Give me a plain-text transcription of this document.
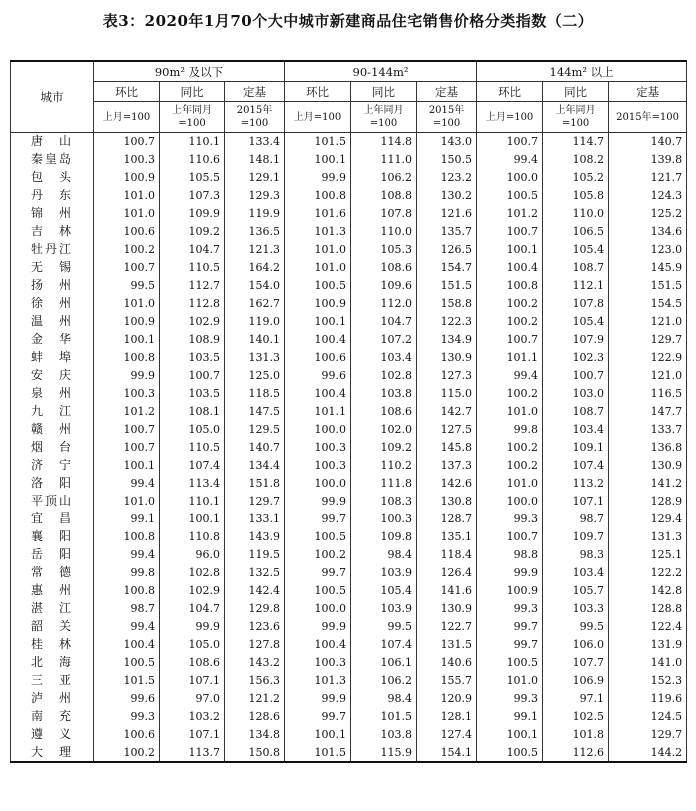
表3：2020年1月70个大中城市新建商品住宅销售价格分类指数（二）
城市	90m² 及以下			90-144m²			144m² 以上		
	环比	同比	定基	环比	同比	定基	环比	同比	定基
	上月=100	上年同月=100	2015年=100	上月=100	上年同月=100	2015年=100	上月=100	上年同月=100	2015年=100
唐　山	100.7	110.1	133.4	101.5	114.8	143.0	100.7	114.7	140.7
秦皇岛	100.3	110.6	148.1	100.1	111.0	150.5	99.4	108.2	139.8
包　头	100.9	105.5	129.1	99.9	106.2	123.2	100.0	105.2	121.7
丹　东	101.0	107.3	129.3	100.8	108.8	130.2	100.5	105.8	124.3
锦　州	101.0	109.9	119.9	101.6	107.8	121.6	101.2	110.0	125.2
吉　林	100.6	109.2	136.5	101.3	110.0	135.7	100.7	106.5	134.6
牡丹江	100.2	104.7	121.3	101.0	105.3	126.5	100.1	105.4	123.0
无　锡	100.7	110.5	164.2	101.0	108.6	154.7	100.4	108.7	145.9
扬　州	99.5	112.7	154.0	100.5	109.6	151.5	100.8	112.1	151.5
徐　州	101.0	112.8	162.7	100.9	112.0	158.8	100.2	107.8	154.5
温　州	100.9	102.9	119.0	100.1	104.7	122.3	100.2	105.4	121.0
金　华	100.1	108.9	140.1	100.4	107.2	134.9	100.7	107.9	129.7
蚌　埠	100.8	103.5	131.3	100.6	103.4	130.9	101.1	102.3	122.9
安　庆	99.9	100.7	125.0	99.6	102.8	127.3	99.4	100.7	121.0
泉　州	100.3	103.5	118.5	100.4	103.8	115.0	100.2	103.0	116.5
九　江	101.2	108.1	147.5	101.1	108.6	142.7	101.0	108.7	147.7
赣　州	100.7	105.0	129.5	100.0	102.0	127.5	99.8	103.4	133.7
烟　台	100.7	110.5	140.7	100.3	109.2	145.8	100.2	109.1	136.8
济　宁	100.1	107.4	134.4	100.3	110.2	137.3	100.2	107.4	130.9
洛　阳	99.4	113.4	151.8	100.0	111.8	142.6	101.0	113.2	141.2
平顶山	101.0	110.1	129.7	99.9	108.3	130.8	100.0	107.1	128.9
宜　昌	99.1	100.1	133.1	99.7	100.3	128.7	99.3	98.7	129.4
襄　阳	100.8	110.8	143.9	100.5	109.8	135.1	100.7	109.7	131.3
岳　阳	99.4	96.0	119.5	100.2	98.4	118.4	98.8	98.3	125.1
常　德	99.8	102.8	132.5	99.7	103.9	126.4	99.9	103.4	122.2
惠　州	100.8	102.9	142.4	100.5	105.4	141.6	100.9	105.7	142.8
湛　江	98.7	104.7	129.8	100.0	103.9	130.9	99.3	103.3	128.8
韶　关	99.4	99.9	123.6	99.9	99.5	122.7	99.7	99.5	122.4
桂　林	100.4	105.0	127.8	100.4	107.4	131.5	99.7	106.0	131.9
北　海	100.5	108.6	143.2	100.3	106.1	140.6	100.5	107.7	141.0
三　亚	101.5	107.1	156.3	101.3	106.2	155.7	101.0	106.9	152.3
泸　州	99.6	97.0	121.2	99.9	98.4	120.9	99.3	97.1	119.6
南　充	99.3	103.2	128.6	99.7	101.5	128.1	99.1	102.5	124.5
遵　义	100.6	107.1	134.8	100.1	103.8	127.4	100.1	101.8	129.7
大　理	100.2	113.7	150.8	101.5	115.9	154.1	100.5	112.6	144.2
